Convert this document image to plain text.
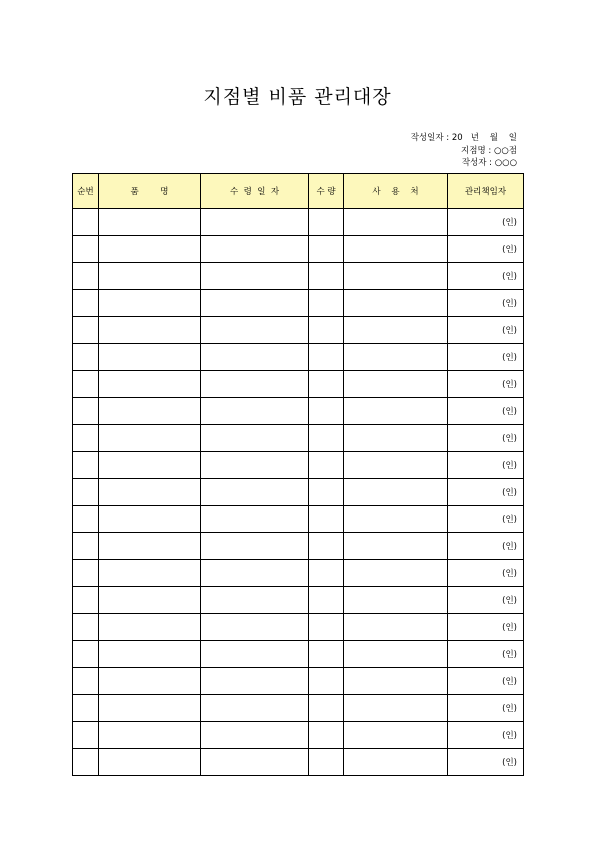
지점별 비품 관리대장
작성일자 : 20   년    월    일
지점명 : ○○점
작성자 : ○○○
순번	품        명	수  령  일  자	수 량	사    용    처	관리책임자
					(인)
					(인)
					(인)
					(인)
					(인)
					(인)
					(인)
					(인)
					(인)
					(인)
					(인)
					(인)
					(인)
					(인)
					(인)
					(인)
					(인)
					(인)
					(인)
					(인)
					(인)
